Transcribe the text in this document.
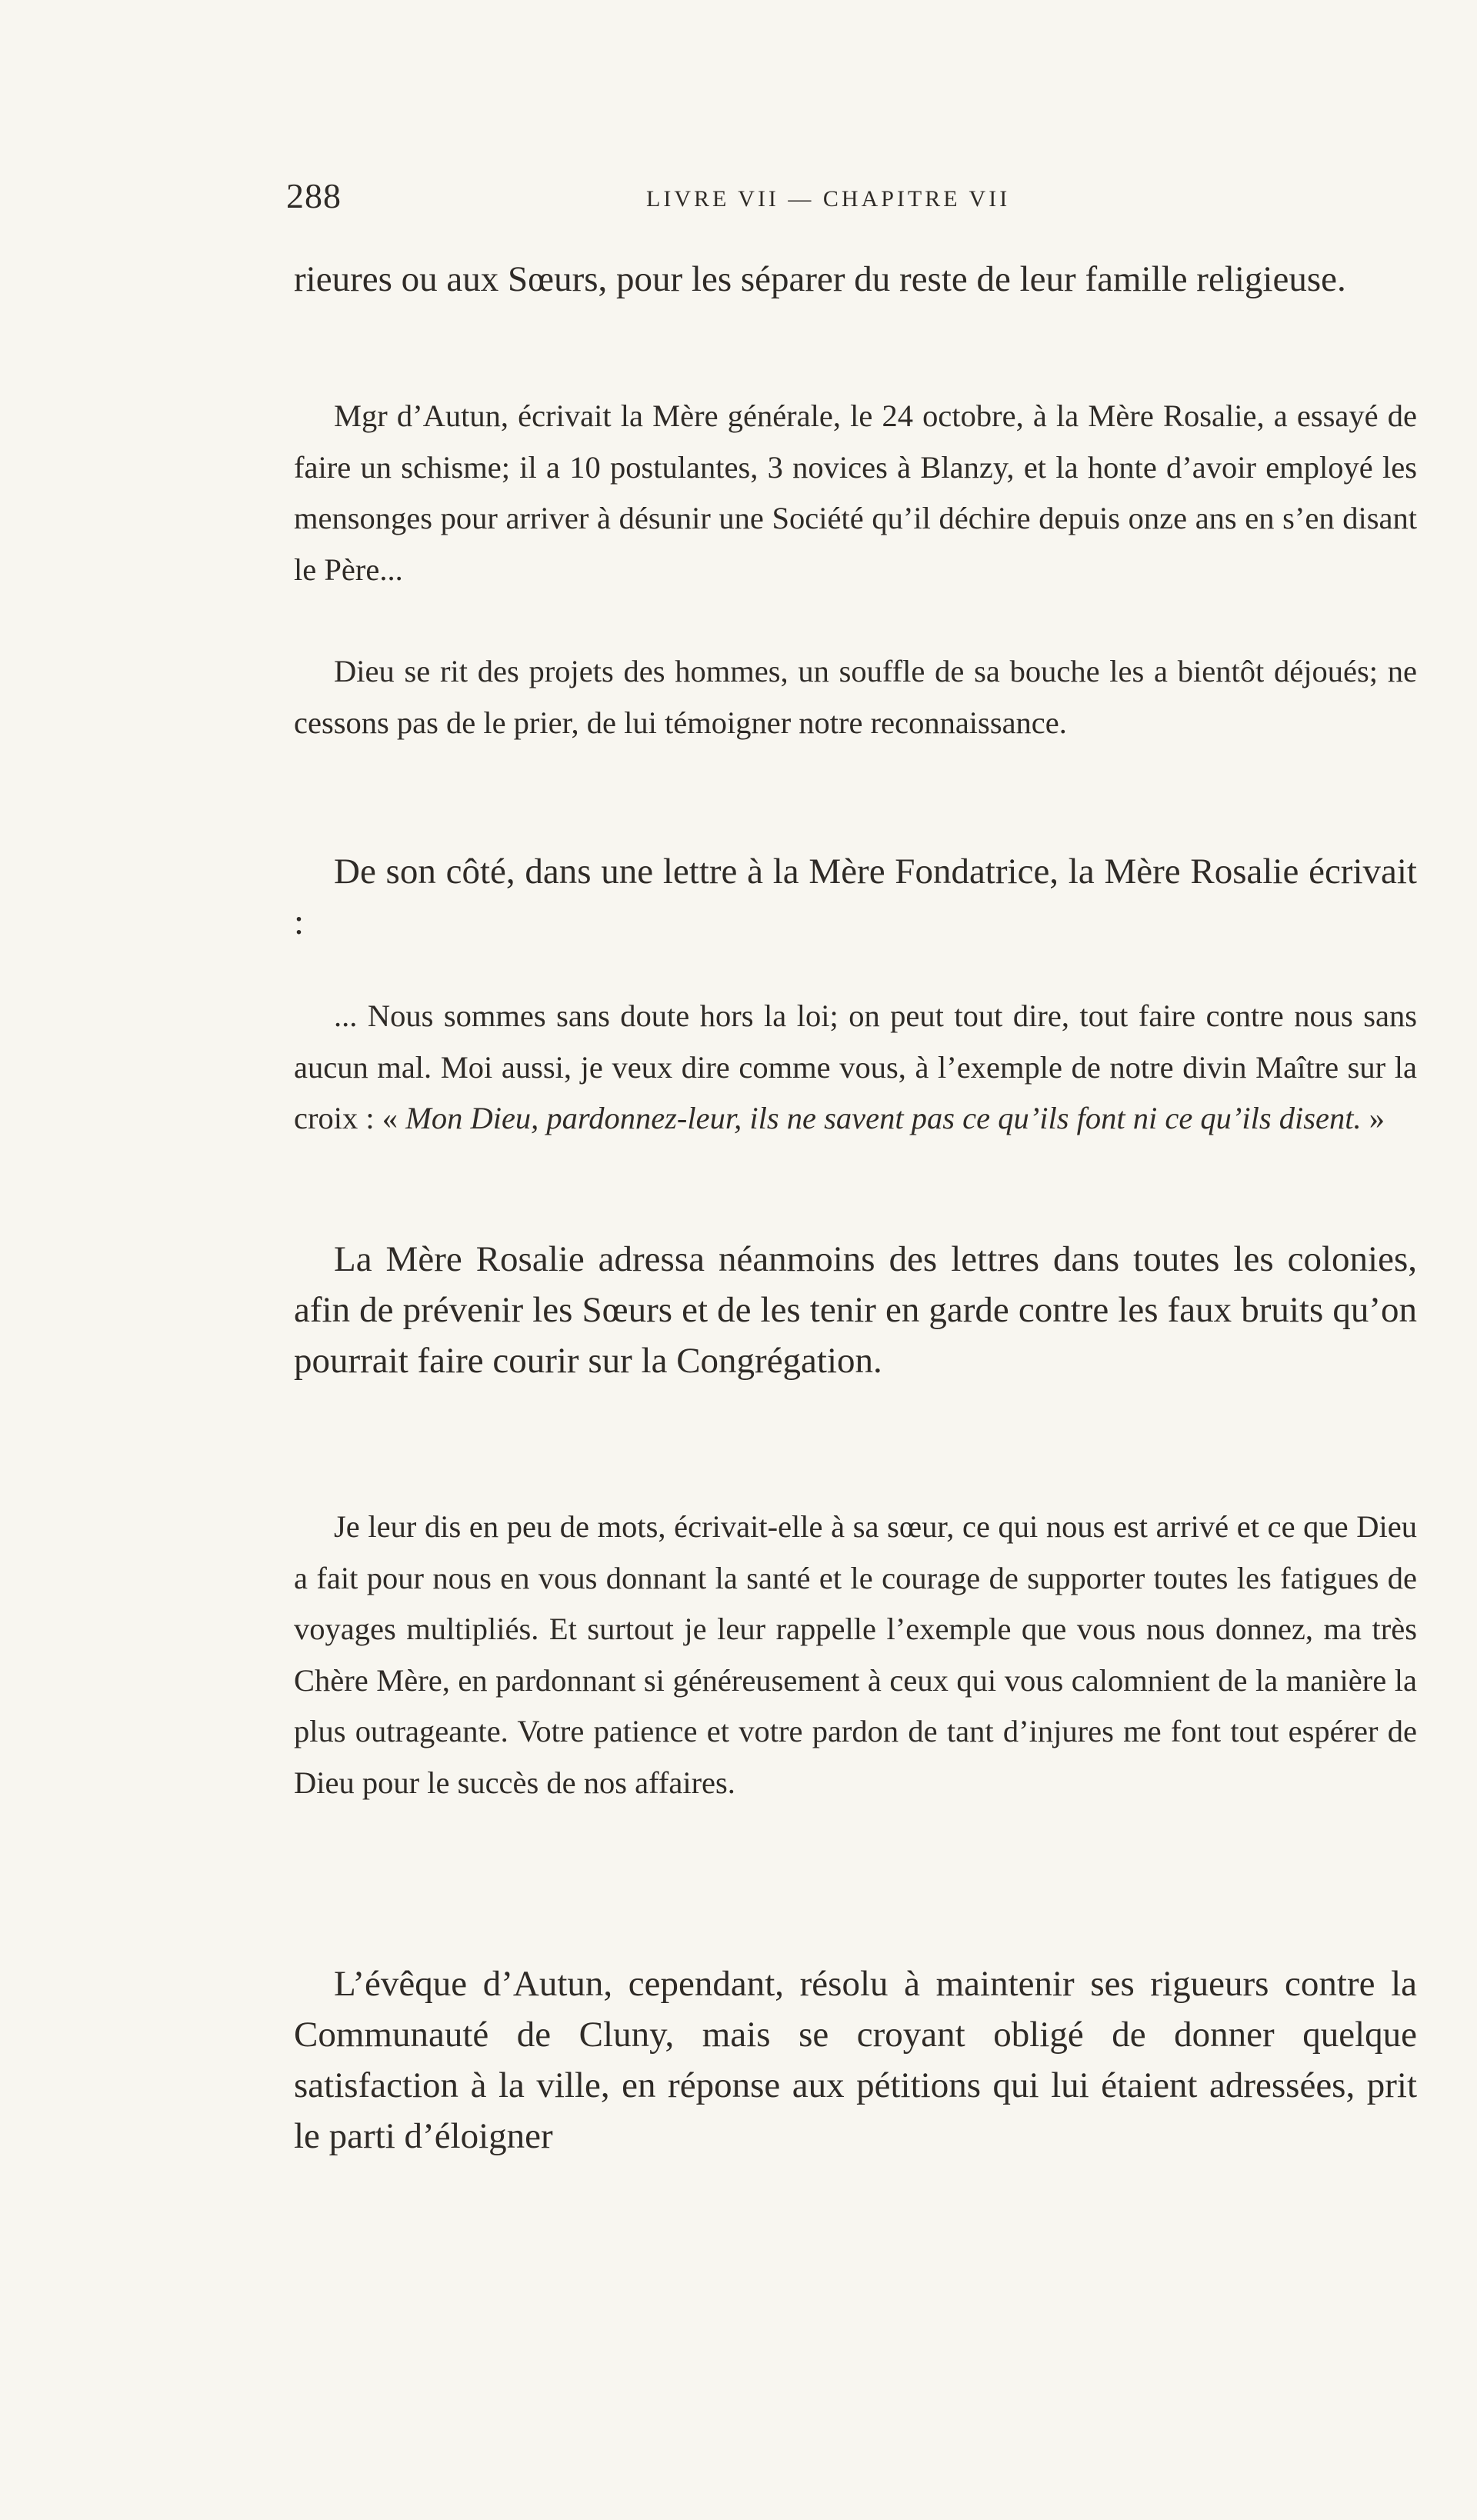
288	LIVRE VII — CHAPITRE VII

rieures ou aux Sœurs, pour les séparer du reste de leur famille religieuse.

Mgr d’Autun, écrivait la Mère générale, le 24 octobre, à la Mère Rosalie, a essayé de faire un schisme; il a 10 postulantes, 3 novices à Blanzy, et la honte d’avoir employé les mensonges pour arriver à désunir une Société qu’il déchire depuis onze ans en s’en disant le Père...

Dieu se rit des projets des hommes, un souffle de sa bouche les a bientôt déjoués; ne cessons pas de le prier, de lui témoigner notre reconnaissance.

De son côté, dans une lettre à la Mère Fondatrice, la Mère Rosalie écrivait :

... Nous sommes sans doute hors la loi; on peut tout dire, tout faire contre nous sans aucun mal. Moi aussi, je veux dire comme vous, à l’exemple de notre divin Maître sur la croix : « Mon Dieu, pardonnez-leur, ils ne savent pas ce qu’ils font ni ce qu’ils disent. »

La Mère Rosalie adressa néanmoins des lettres dans toutes les colonies, afin de prévenir les Sœurs et de les tenir en garde contre les faux bruits qu’on pourrait faire courir sur la Congrégation.

Je leur dis en peu de mots, écrivait-elle à sa sœur, ce qui nous est arrivé et ce que Dieu a fait pour nous en vous donnant la santé et le courage de supporter toutes les fatigues de voyages multipliés. Et surtout je leur rappelle l’exemple que vous nous donnez, ma très Chère Mère, en pardonnant si généreusement à ceux qui vous calomnient de la manière la plus outrageante. Votre patience et votre pardon de tant d’injures me font tout espérer de Dieu pour le succès de nos affaires.

L’évêque d’Autun, cependant, résolu à maintenir ses rigueurs contre la Communauté de Cluny, mais se croyant obligé de donner quelque satisfaction à la ville, en réponse aux pétitions qui lui étaient adressées, prit le parti d’éloigner
